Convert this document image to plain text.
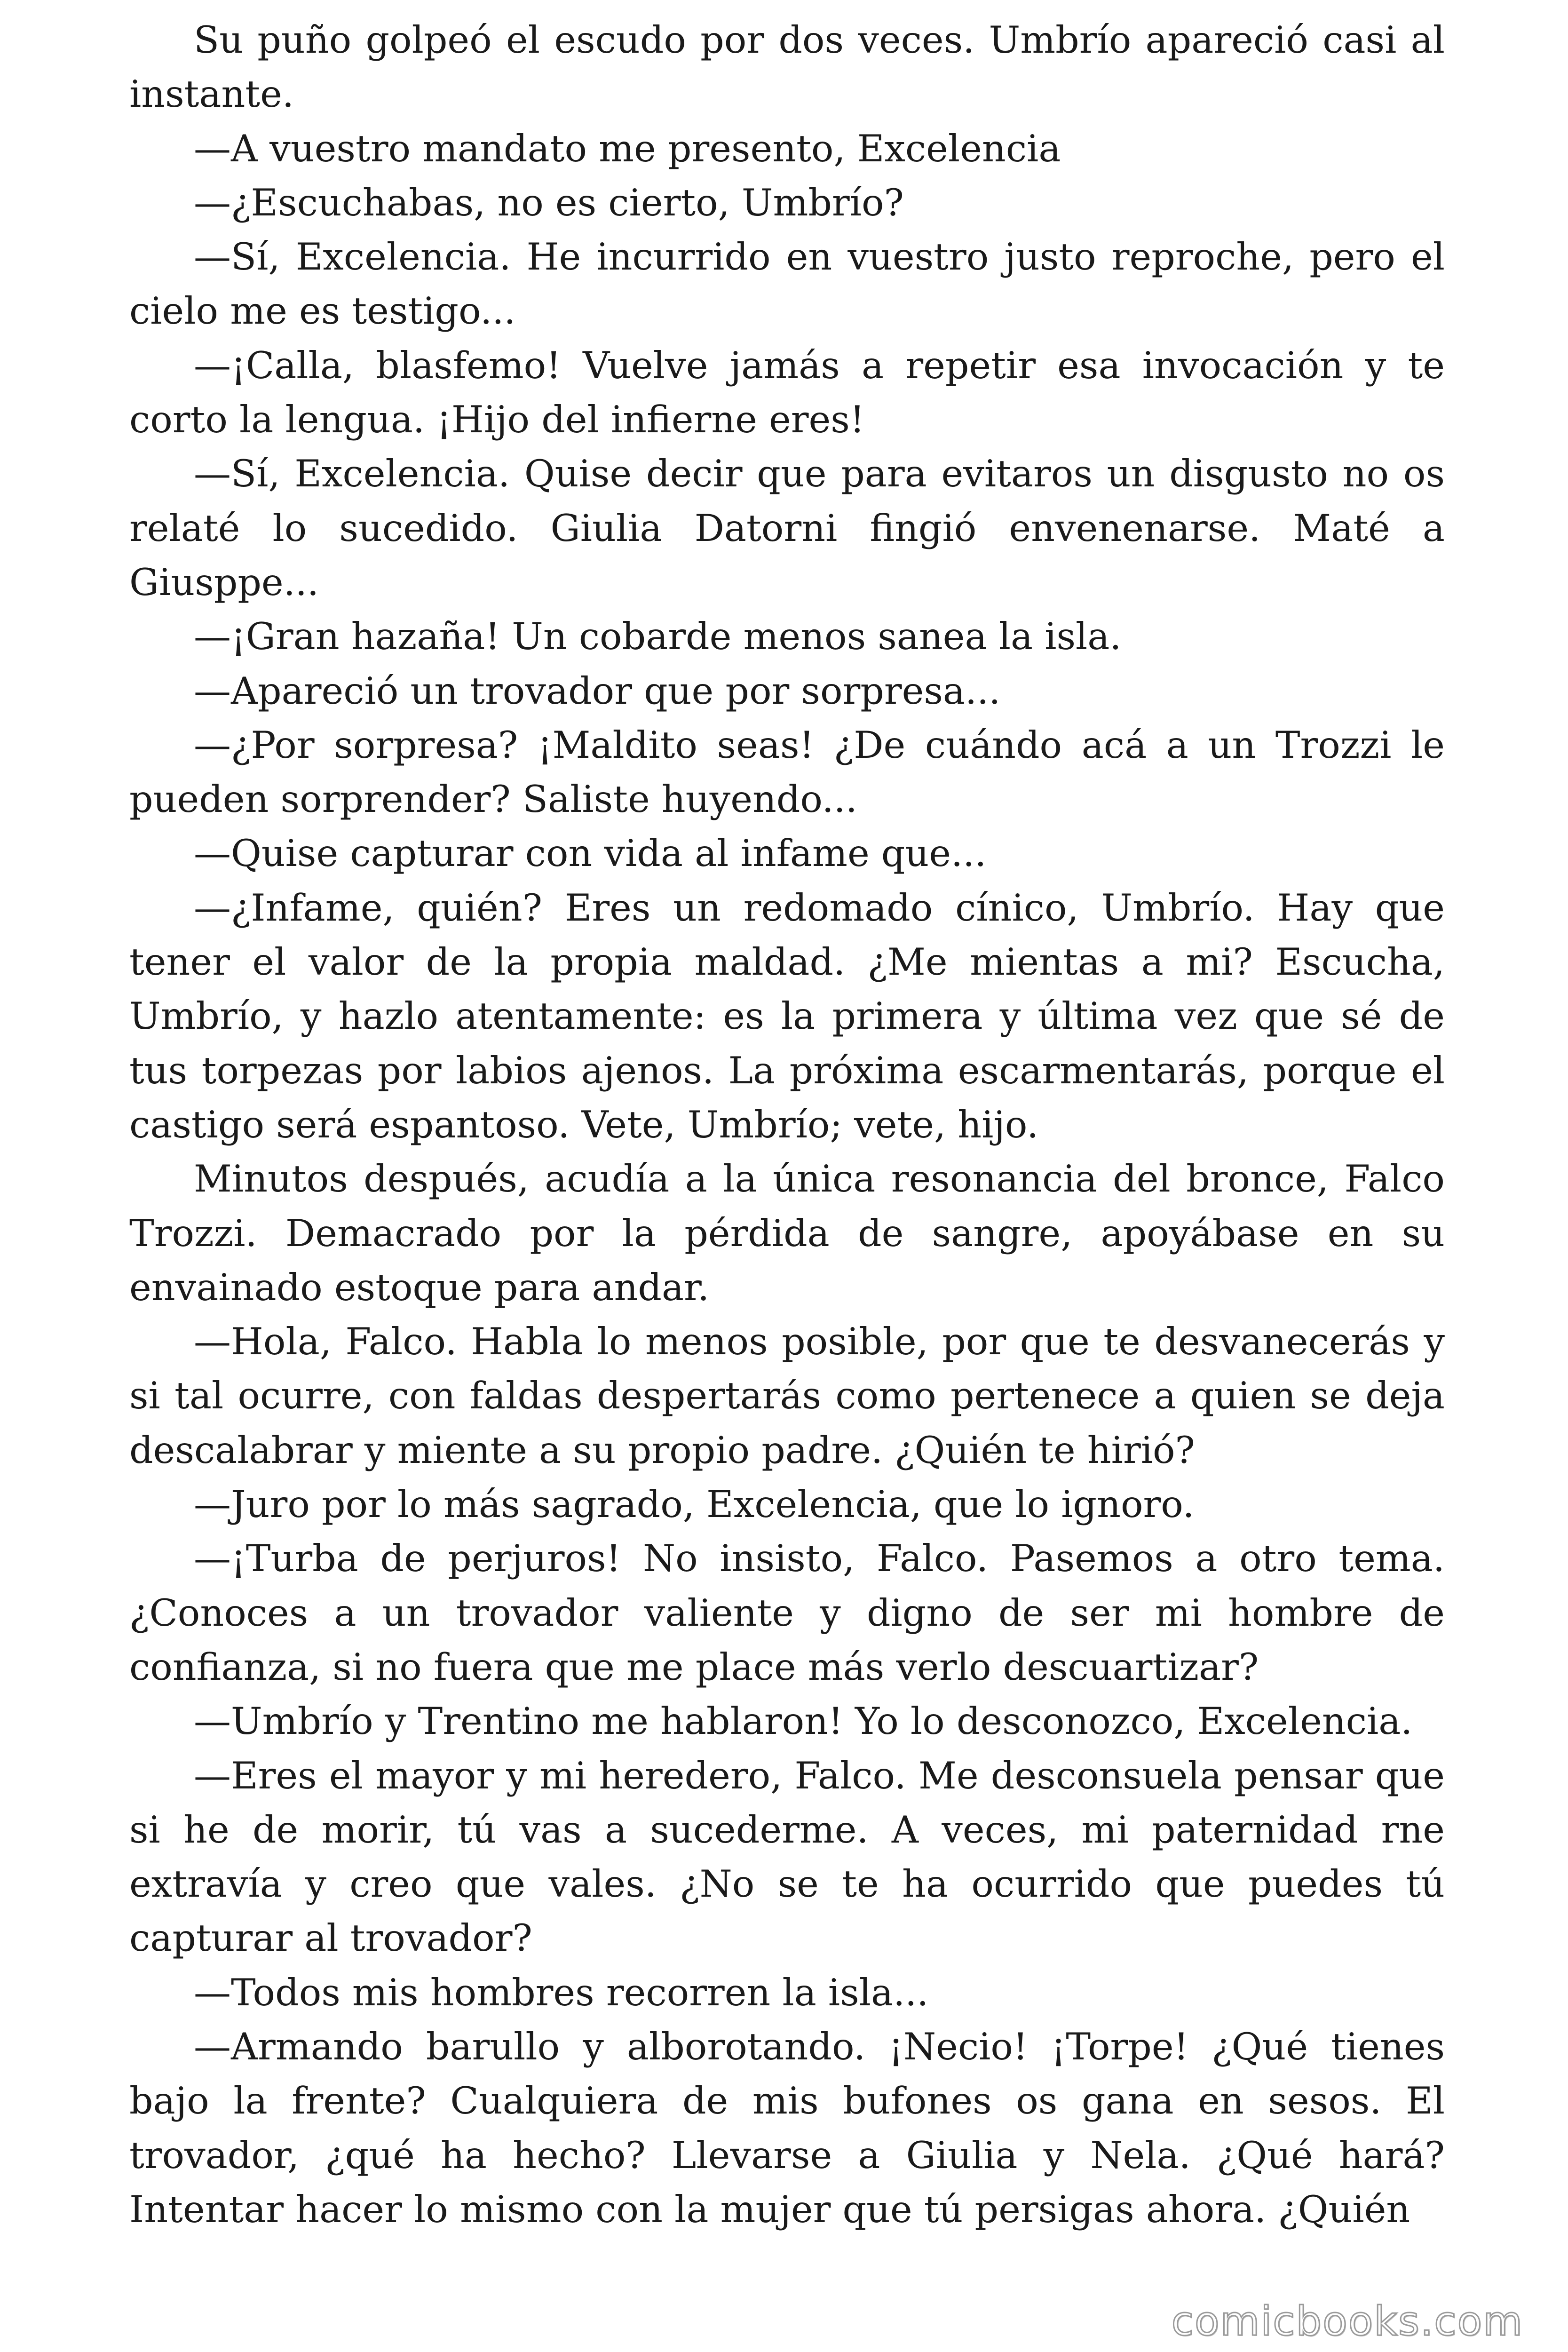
Su puño golpeó el escudo por dos veces. Umbrío apareció casi al instante.

—A vuestro mandato me presento, Excelencia

—¿Escuchabas, no es cierto, Umbrío?

—Sí, Excelencia. He incurrido en vuestro justo reproche, pero el cielo me es testigo...

—¡Calla, blasfemo! Vuelve jamás a repetir esa invocación y te corto la lengua. ¡Hijo del infierne eres!

—Sí, Excelencia. Quise decir que para evitaros un disgusto no os relaté lo sucedido. Giulia Datorni fingió envenenarse. Maté a Giusppe...

—¡Gran hazaña! Un cobarde menos sanea la isla.

—Apareció un trovador que por sorpresa...

—¿Por sorpresa? ¡Maldito seas! ¿De cuándo acá a un Trozzi le pueden sorprender? Saliste huyendo...

—Quise capturar con vida al infame que...

—¿Infame, quién? Eres un redomado cínico, Umbrío. Hay que tener el valor de la propia maldad. ¿Me mientas a mi? Escucha, Umbrío, y hazlo atentamente: es la primera y última vez que sé de tus torpezas por labios ajenos. La próxima escarmentarás, porque el castigo será espantoso. Vete, Umbrío; vete, hijo.

Minutos después, acudía a la única resonancia del bronce, Falco Trozzi. Demacrado por la pérdida de sangre, apoyábase en su envainado estoque para andar.

—Hola, Falco. Habla lo menos posible, por que te desvanecerás y si tal ocurre, con faldas despertarás como pertenece a quien se deja descalabrar y miente a su propio padre. ¿Quién te hirió?

—Juro por lo más sagrado, Excelencia, que lo ignoro.

—¡Turba de perjuros! No insisto, Falco. Pasemos a otro tema. ¿Conoces a un trovador valiente y digno de ser mi hombre de confianza, si no fuera que me place más verlo descuartizar?

—Umbrío y Trentino me hablaron! Yo lo desconozco, Excelencia.

—Eres el mayor y mi heredero, Falco. Me desconsuela pensar que si he de morir, tú vas a sucederme. A veces, mi paternidad rne extravía y creo que vales. ¿No se te ha ocurrido que puedes tú capturar al trovador?

—Todos mis hombres recorren la isla...

—Armando barullo y alborotando. ¡Necio! ¡Torpe! ¿Qué tienes bajo la frente? Cualquiera de mis bufones os gana en sesos. El trovador, ¿qué ha hecho? Llevarse a Giulia y Nela. ¿Qué hará? Intentar hacer lo mismo con la mujer que tú persigas ahora. ¿Quién

comicbooks.com
